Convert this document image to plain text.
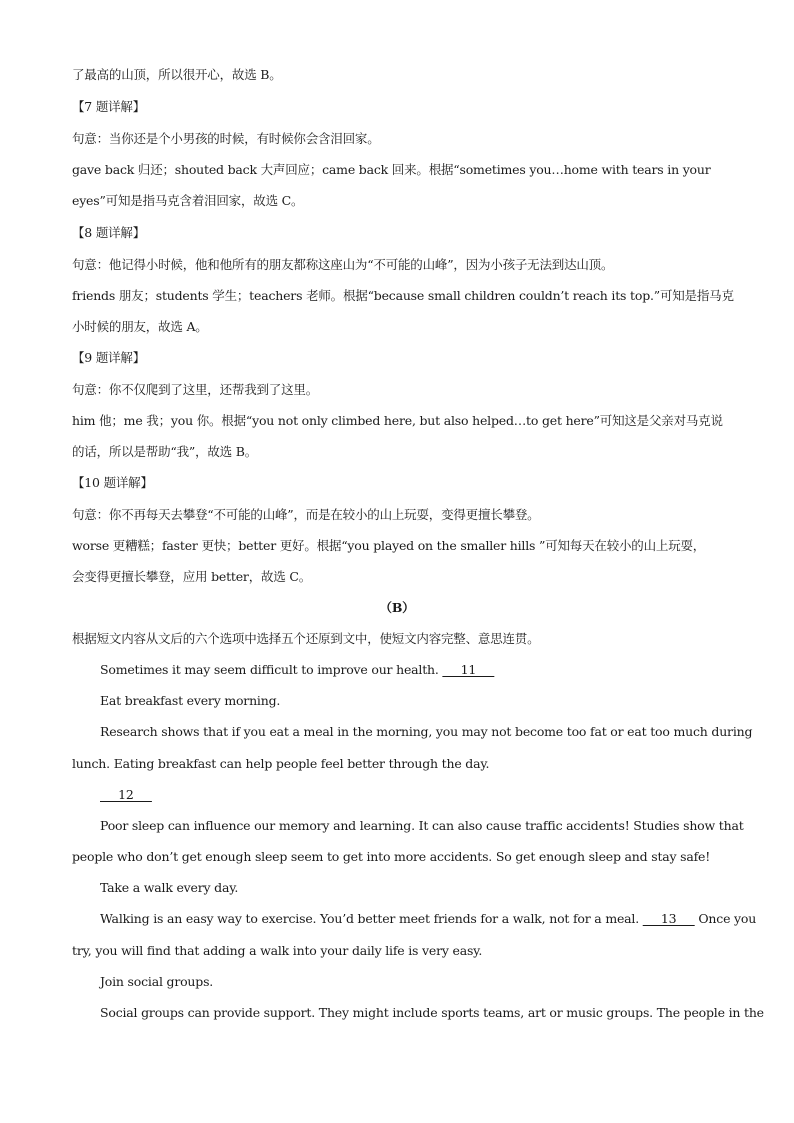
了最高的山顶，所以很开心，故选 B。
【7 题详解】
句意：当你还是个小男孩的时候，有时候你会含泪回家。
gave back 归还；shouted back 大声回应；came back 回来。根据“sometimes you…home with tears in your
eyes”可知是指马克含着泪回家，故选 C。
【8 题详解】
句意：他记得小时候，他和他所有的朋友都称这座山为“不可能的山峰”，因为小孩子无法到达山顶。
friends 朋友；students 学生；teachers 老师。根据“because small children couldn’t reach its top.”可知是指马克
小时候的朋友，故选 A。
【9 题详解】
句意：你不仅爬到了这里，还帮我到了这里。
him 他；me 我；you 你。根据“you not only climbed here, but also helped…to get here”可知这是父亲对马克说
的话，所以是帮助“我”，故选 B。
【10 题详解】
句意：你不再每天去攀登“不可能的山峰”，而是在较小的山上玩耍，变得更擅长攀登。
worse 更糟糕；faster 更快；better 更好。根据“you played on the smaller hills ”可知每天在较小的山上玩耍，
会变得更擅长攀登，应用 better，故选 C。
（B）
根据短文内容从文后的六个选项中选择五个还原到文中，使短文内容完整、意思连贯。
Sometimes it may seem difficult to improve our health. ___11___
Eat breakfast every morning.
Research shows that if you eat a meal in the morning, you may not become too fat or eat too much during
lunch. Eating breakfast can help people feel better through the day.
___12___
Poor sleep can influence our memory and learning. It can also cause traffic accidents! Studies show that
people who don’t get enough sleep seem to get into more accidents. So get enough sleep and stay safe!
Take a walk every day.
Walking is an easy way to exercise. You’d better meet friends for a walk, not for a meal. ___13___ Once you
try, you will find that adding a walk into your daily life is very easy.
Join social groups.
Social groups can provide support. They might include sports teams, art or music groups. The people in the
